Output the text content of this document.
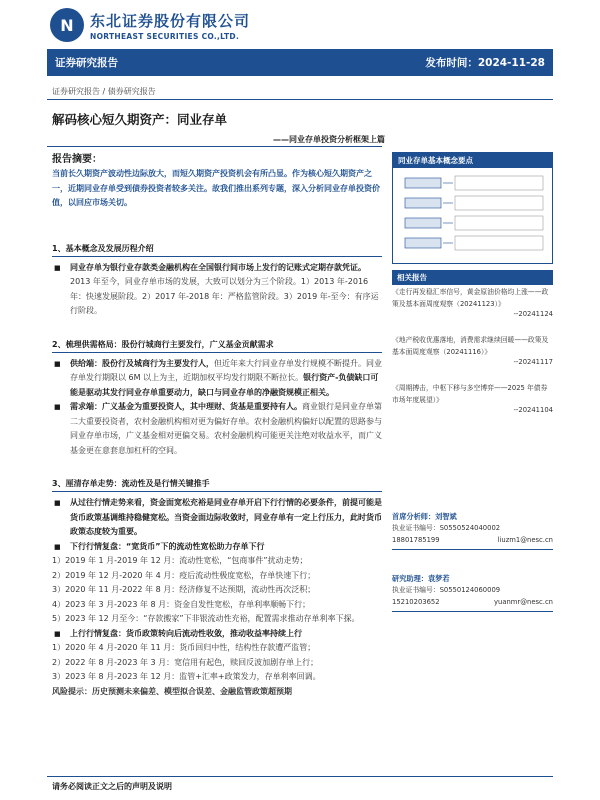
N	东北证券股份有限公司
NORTHEAST SECURITIES CO.,LTD.
证券研究报告	发布时间：2024-11-28
证券研究报告 / 债券研究报告
解码核心短久期资产：同业存单
——同业存单投资分析框架上篇
报告摘要：
当前长久期资产波动性边际放大，而短久期资产投资机会有所凸显。作为核心短久期资产之一，近期同业存单受到债券投资者较多关注。故我们推出系列专题，深入分析同业存单投资价值，以回应市场关切。
1、基本概念及发展历程介绍
■ 同业存单为银行业存款类金融机构在全国银行间市场上发行的记账式定期存款凭证。2013 年至今，同业存单市场的发展，大致可以划分为三个阶段。1）2013 年-2016 年：快速发展阶段。2）2017 年-2018 年：严格监管阶段。3）2019 年-至今：有序运行阶段。
2、梳理供需格局：股份行城商行主要发行，广义基金贡献需求
■ 供给端：股份行及城商行为主要发行人，但近年来大行同业存单发行规模不断提升。同业存单发行期限以 6M 以上为主，近期加权平均发行期限不断拉长。银行资产-负债缺口可能是驱动其发行同业存单重要动力，缺口与同业存单的净融资规模正相关。
■ 需求端：广义基金为重要投资人，其中理财、货基是重要持有人。商业银行是同业存单第二大重要投资者，农村金融机构相对更为偏好存单。农村金融机构偏好以配置的思路参与同业存单市场，广义基金相对更偏交易。农村金融机构可能更关注绝对收益水平，而广义基金更在意套息加杠杆的空间。
3、厘清存单走势：流动性及是行情关键推手
■ 从过往行情走势来看，资金面宽松充裕是同业存单开启下行行情的必要条件，前提可能是货币政策基调维持稳健宽松。当资金面边际收敛时，同业存单有一定上行压力，此时货币政策态度较为重要。
■ 下行行情复盘：“宽货币”下的流动性宽松助力存单下行
1）2019 年 1 月-2019 年 12 月：流动性宽松，“包商事件”扰动走势；
2）2019 年 12 月-2020 年 4 月：疫后流动性极度宽松，存单快速下行；
3）2020 年 11 月-2022 年 8 月：经济修复不达预期，流动性再次泛积；
4）2023 年 3 月-2023 年 8 月：资金自发性宽松，存单利率顺畅下行；
5）2023 年 12 月至今：“存款搬家”下非银流动性充裕，配置需求推动存单利率下探。
■ 上行行情复盘：货币政策转向后流动性收敛，推动收益率持续上行
1）2020 年 4 月-2020 年 11 月：货币回归中性，结构性存款遭严监管；
2）2022 年 8 月-2023 年 3 月：宽信用有起色，赎回反波加剧存单上行；
3）2023 年 8 月-2023 年 12 月：监管+汇率+政策发力，存单利率回调。
风险提示：历史预测未来偏差、模型拟合误差、金融监管政策超预期
同业存单基本概念要点
相关报告
《走行再发稳汇率信号，黄金原油价格均上涨——政策及基本面周度观察（20241123）》
--20241124
《地产税收优惠落地，消费需求继续回暖——政策及基本面周度观察（20241116）》
--20241117
《周期搏击，中枢下移与多空博弈——2025 年债券市场年度展望）》
--20241104
首席分析师：刘智斌
执业证书编号：S0550524040002
18801785199	liuzm1@nesc.cn
研究助理：袁梦若
执业证书编号：S0550124060009
15210203652	yuanmr@nesc.cn
请务必阅读正文之后的声明及说明
